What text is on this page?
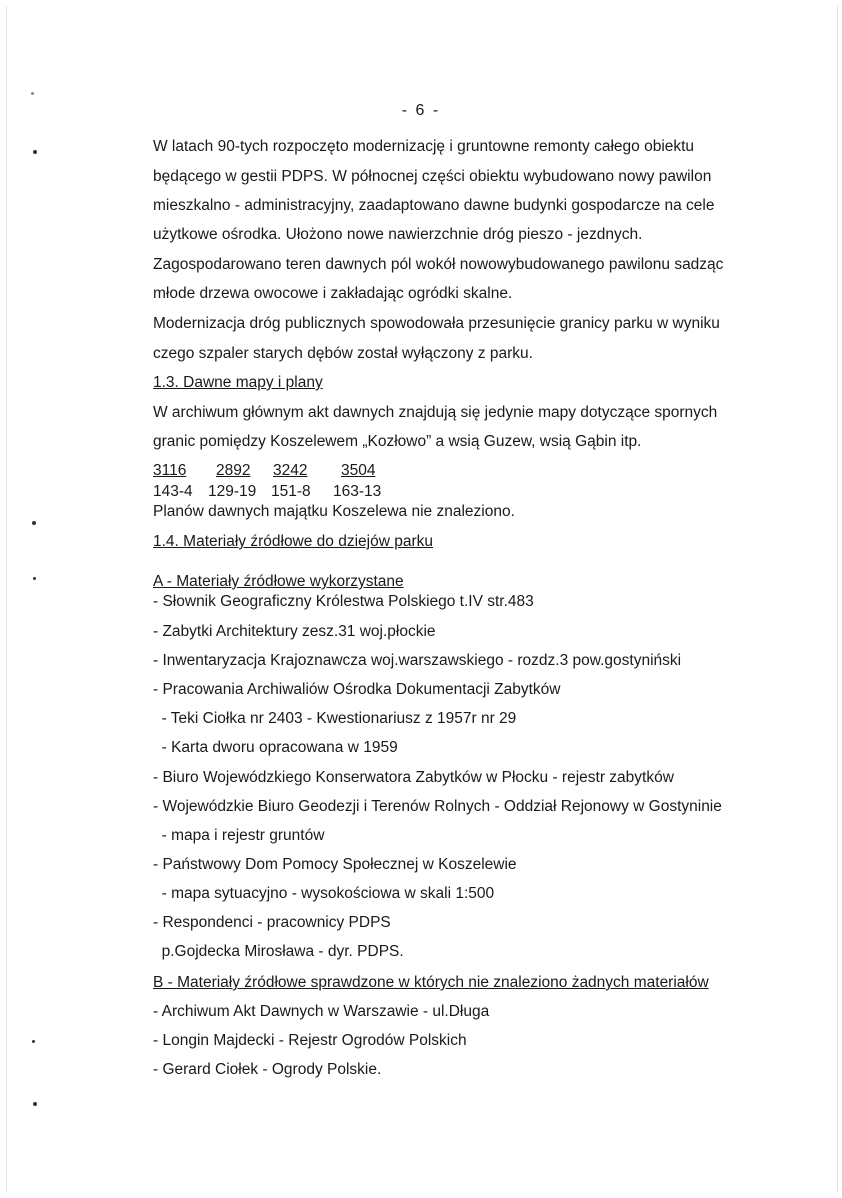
- 6 -
W latach 90-tych rozpoczęto modernizację i gruntowne remonty całego obiektu
będącego w gestii PDPS. W północnej części obiektu wybudowano nowy pawilon
mieszkalno - administracyjny, zaadaptowano dawne budynki gospodarcze na cele
użytkowe ośrodka. Ułożono nowe nawierzchnie dróg pieszo - jezdnych.
Zagospodarowano teren dawnych pól wokół nowowybudowanego pawilonu sadząc
młode drzewa owocowe i zakładając ogródki skalne.
Modernizacja dróg publicznych spowodowała przesunięcie granicy parku w wyniku
czego szpaler starych dębów został wyłączony z parku.
1.3. Dawne mapy i plany
W archiwum głównym akt dawnych znajdują się jedynie mapy dotyczące spornych
granic pomiędzy Koszelewem „Kozłowo” a wsią Guzew, wsią Gąbin itp.
3116 2892 3242 3504
143-4 129-19 151-8 163-13
Planów dawnych majątku Koszelewa nie znaleziono.
1.4. Materiały źródłowe do dziejów parku
A - Materiały źródłowe wykorzystane
- Słownik Geograficzny Królestwa Polskiego t.IV str.483
- Zabytki Architektury zesz.31 woj.płockie
- Inwentaryzacja Krajoznawcza woj.warszawskiego - rozdz.3 pow.gostyniński
- Pracowania Archiwaliów Ośrodka Dokumentacji Zabytków
- Teki Ciołka nr 2403 - Kwestionariusz z 1957r nr 29
- Karta dworu opracowana w 1959
- Biuro Wojewódzkiego Konserwatora Zabytków w Płocku - rejestr zabytków
- Wojewódzkie Biuro Geodezji i Terenów Rolnych - Oddział Rejonowy w Gostyninie
- mapa i rejestr gruntów
- Państwowy Dom Pomocy Społecznej w Koszelewie
- mapa sytuacyjno - wysokościowa w skali 1:500
- Respondenci - pracownicy PDPS
p.Gojdecka Mirosława - dyr. PDPS.
B - Materiały źródłowe sprawdzone w których nie znaleziono żadnych materiałów
- Archiwum Akt Dawnych w Warszawie - ul.Długa
- Longin Majdecki - Rejestr Ogrodów Polskich
- Gerard Ciołek - Ogrody Polskie.
